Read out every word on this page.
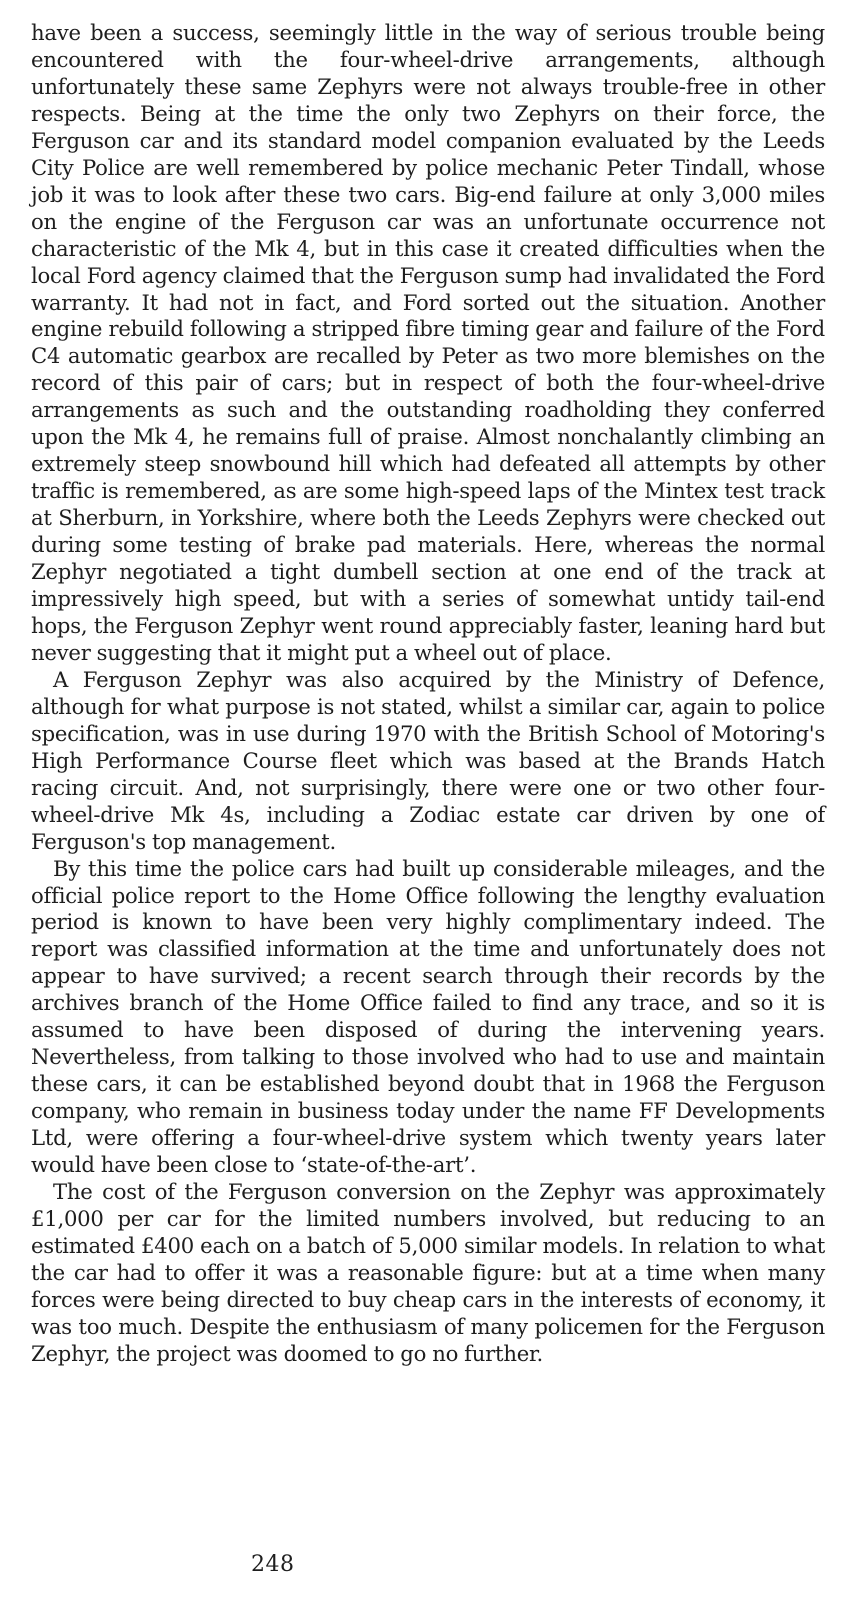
have been a success, seemingly little in the way of serious trouble being encountered with the four-wheel-drive arrangements, although unfortunately these same Zephyrs were not always trouble-free in other respects. Being at the time the only two Zephyrs on their force, the Ferguson car and its standard model companion evaluated by the Leeds City Police are well remembered by police mechanic Peter Tindall, whose job it was to look after these two cars. Big-end failure at only 3,000 miles on the engine of the Ferguson car was an unfortunate occurrence not characteristic of the Mk 4, but in this case it created difficulties when the local Ford agency claimed that the Ferguson sump had invalidated the Ford warranty. It had not in fact, and Ford sorted out the situation. Another engine rebuild following a stripped fibre timing gear and failure of the Ford C4 automatic gearbox are recalled by Peter as two more blemishes on the record of this pair of cars; but in respect of both the four-wheel-drive arrangements as such and the outstanding roadholding they conferred upon the Mk 4, he remains full of praise. Almost nonchalantly climbing an extremely steep snowbound hill which had defeated all attempts by other traffic is remembered, as are some high-speed laps of the Mintex test track at Sherburn, in Yorkshire, where both the Leeds Zephyrs were checked out during some testing of brake pad materials. Here, whereas the normal Zephyr negotiated a tight dumbell section at one end of the track at impressively high speed, but with a series of somewhat untidy tail-end hops, the Ferguson Zephyr went round appreciably faster, leaning hard but never suggesting that it might put a wheel out of place.

A Ferguson Zephyr was also acquired by the Ministry of Defence, although for what purpose is not stated, whilst a similar car, again to police specification, was in use during 1970 with the British School of Motoring's High Performance Course fleet which was based at the Brands Hatch racing circuit. And, not surprisingly, there were one or two other four-wheel-drive Mk 4s, including a Zodiac estate car driven by one of Ferguson's top management.

By this time the police cars had built up considerable mileages, and the official police report to the Home Office following the lengthy evaluation period is known to have been very highly complimentary indeed. The report was classified information at the time and unfortunately does not appear to have survived; a recent search through their records by the archives branch of the Home Office failed to find any trace, and so it is assumed to have been disposed of during the intervening years. Nevertheless, from talking to those involved who had to use and maintain these cars, it can be established beyond doubt that in 1968 the Ferguson company, who remain in business today under the name FF Developments Ltd, were offering a four-wheel-drive system which twenty years later would have been close to ‘state-of-the-art’.

The cost of the Ferguson conversion on the Zephyr was approximately £1,000 per car for the limited numbers involved, but reducing to an estimated £400 each on a batch of 5,000 similar models. In relation to what the car had to offer it was a reasonable figure: but at a time when many forces were being directed to buy cheap cars in the interests of economy, it was too much. Despite the enthusiasm of many policemen for the Ferguson Zephyr, the project was doomed to go no further.

248
